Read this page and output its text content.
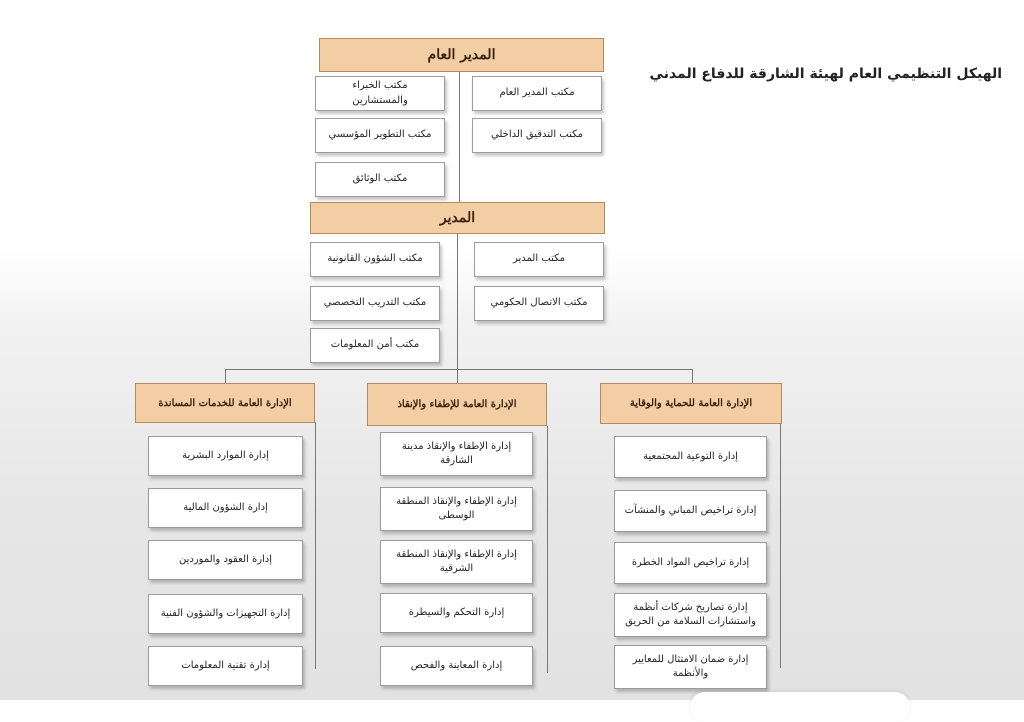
الهيكل التنظيمي العام لهيئة الشارقة للدفاع المدني
المدير العام
مكتب المدير العام
مكتب الخبراء والمستشارين
مكتب التدقيق الداخلي
مكتب التطوير المؤسسي
مكتب الوثائق
المدير
مكتب المدير
مكتب الشؤون القانونية
مكتب الاتصال الحكومي
مكتب التدريب التخصصي
مكتب أمن المعلومات
الإدارة العامة للخدمات المساندة	الإدارة العامة للإطفاء والإنقاذ	الإدارة العامة للحماية والوقاية
إدارة الموارد البشرية
إدارة الشؤون المالية
إدارة العقود والموردين
إدارة التجهيزات والشؤون الفنية
إدارة تقنية المعلومات
إدارة الإطفاء والإنقاذ مدينة الشارقة
إدارة الإطفاء والإنقاذ المنطقة الوسطى
إدارة الإطفاء والإنقاذ المنطقة الشرقية
إدارة التحكم والسيطرة
إدارة المعاينة والفحص
إدارة التوعية المجتمعية
إدارة تراخيص المباني والمنشآت
إدارة تراخيص المواد الخطرة
إدارة تصاريح شركات أنظمة واستشارات السلامة من الحريق
إدارة ضمان الامتثال للمعايير والأنظمة
